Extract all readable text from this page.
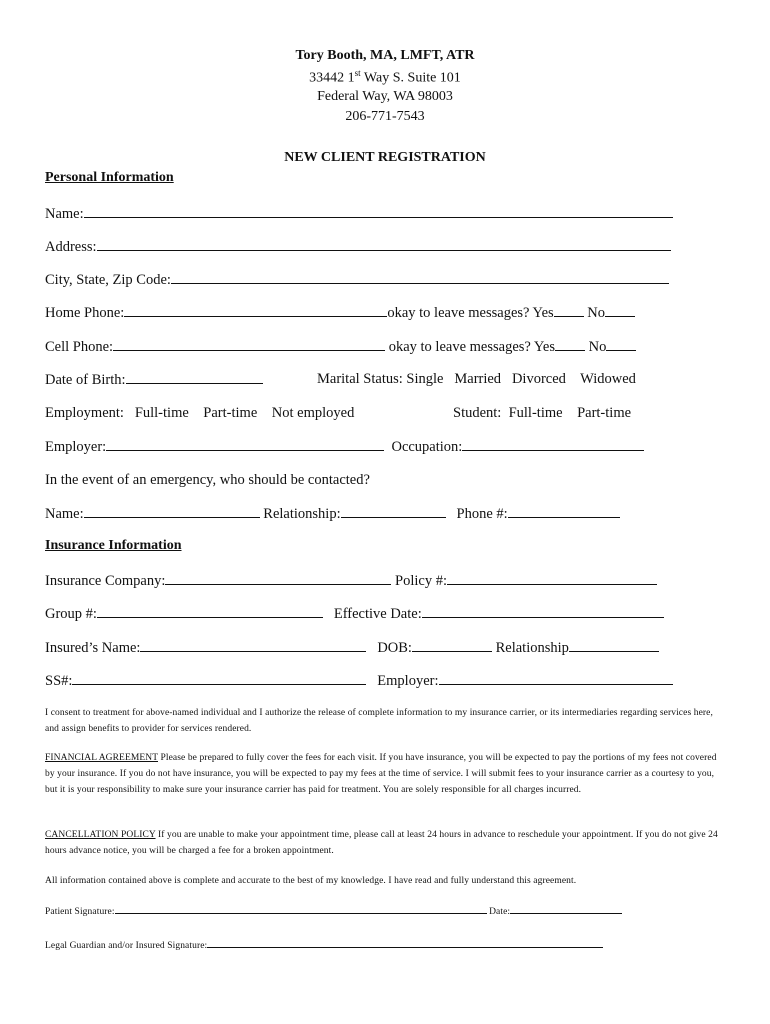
Tory Booth, MA, LMFT, ATR
33442 1st Way S. Suite 101
Federal Way, WA 98003
206-771-7543
NEW CLIENT REGISTRATION
Personal Information
Name:
Address:
City, State, Zip Code:
Home Phone:	okay to leave messages? Yes No
Cell Phone:	okay to leave messages? Yes No
Date of Birth:	Marital Status: Single Married Divorced Widowed
Employment: Full-time Part-time Not employed	Student: Full-time Part-time
Employer:	Occupation:
In the event of an emergency, who should be contacted?
Name:	Relationship:	Phone #:
Insurance Information
Insurance Company:	Policy #:
Group #:	Effective Date:
Insured’s Name:	DOB:	Relationship
SS#:	Employer:
I consent to treatment for above-named individual and I authorize the release of complete information to my insurance carrier, or its intermediaries regarding services here, and assign benefits to provider for services rendered.
FINANCIAL AGREEMENT Please be prepared to fully cover the fees for each visit. If you have insurance, you will be expected to pay the portions of my fees not covered by your insurance. If you do not have insurance, you will be expected to pay my fees at the time of service. I will submit fees to your insurance carrier as a courtesy to you, but it is your responsibility to make sure your insurance carrier has paid for treatment. You are solely responsible for all charges incurred.
CANCELLATION POLICY If you are unable to make your appointment time, please call at least 24 hours in advance to reschedule your appointment. If you do not give 24 hours advance notice, you will be charged a fee for a broken appointment.
All information contained above is complete and accurate to the best of my knowledge. I have read and fully understand this agreement.
Patient Signature:	Date:
Legal Guardian and/or Insured Signature:
